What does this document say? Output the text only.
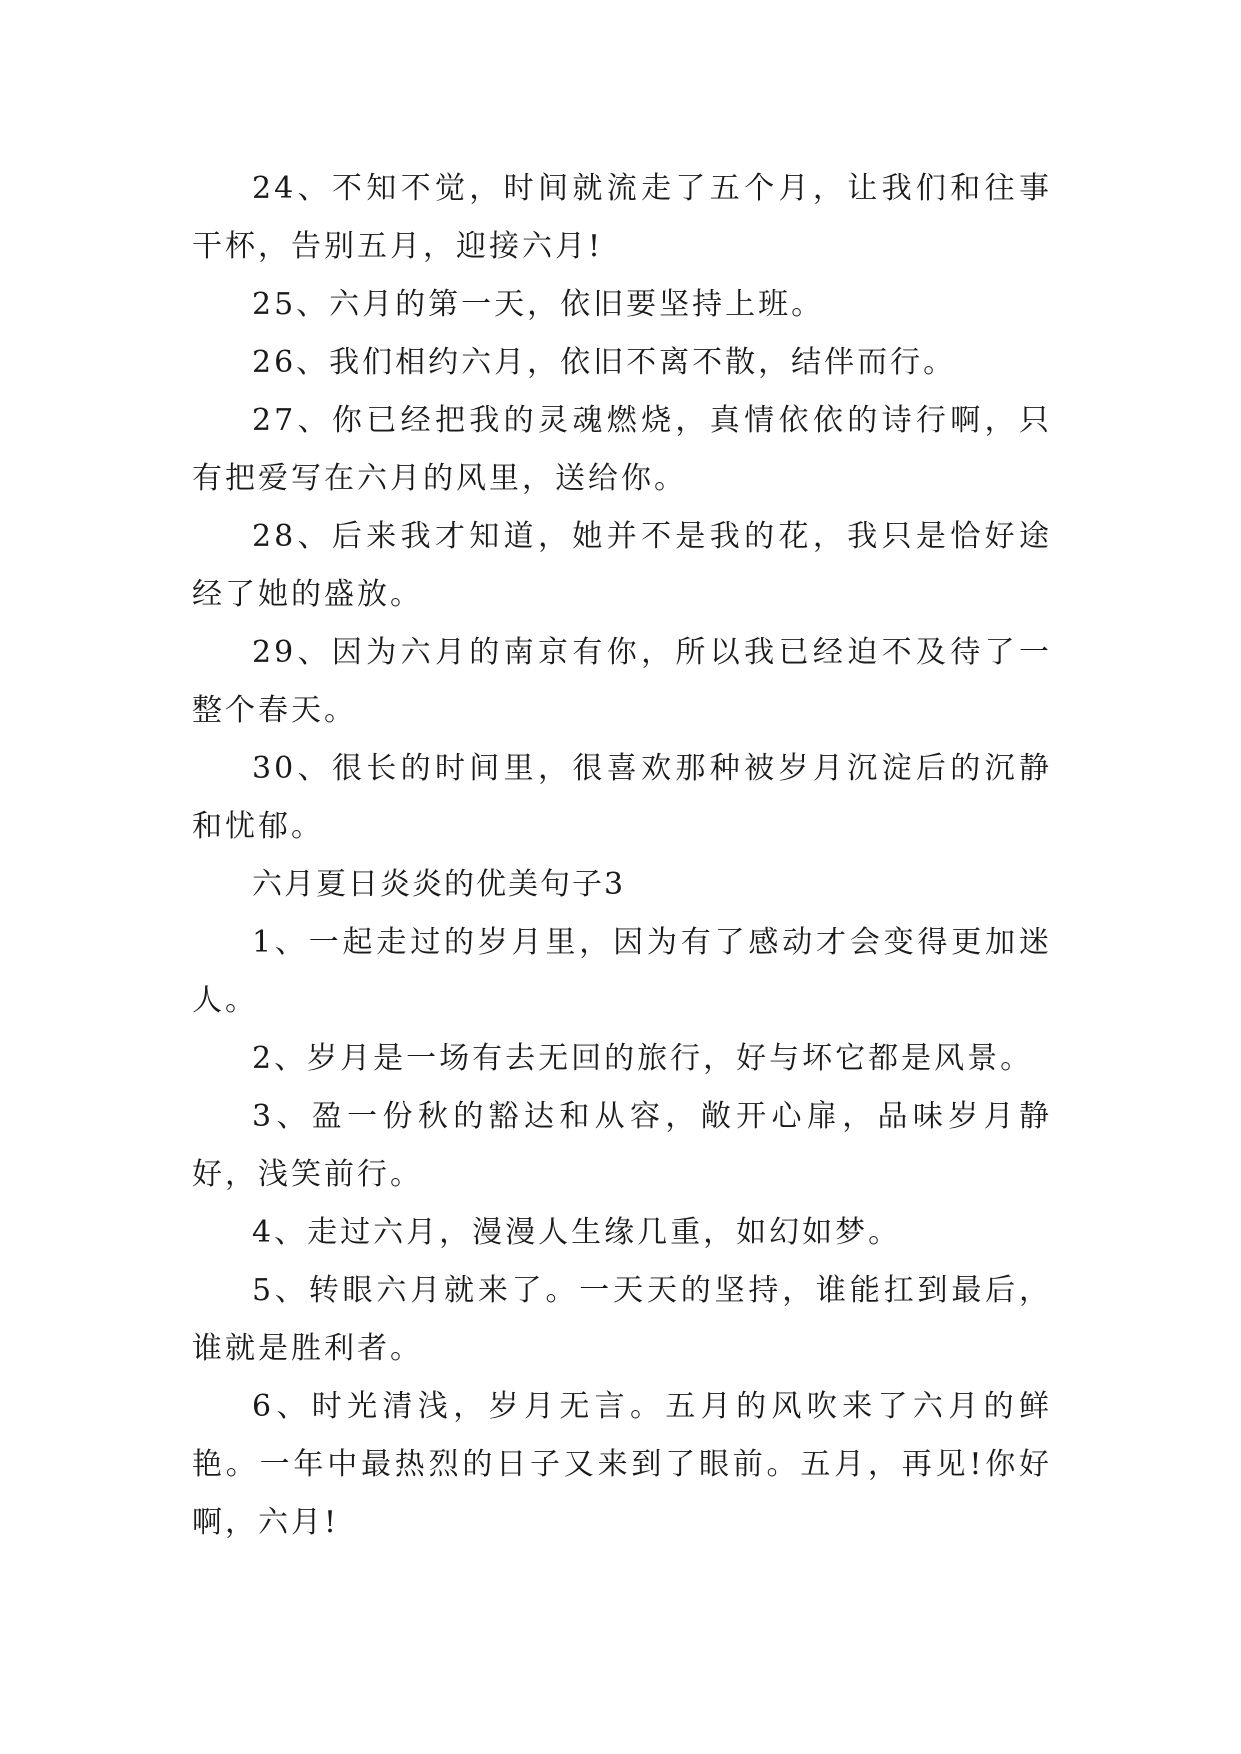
24、不知不觉，时间就流走了五个月，让我们和往事干杯，告别五月，迎接六月!

25、六月的第一天，依旧要坚持上班。

26、我们相约六月，依旧不离不散，结伴而行。

27、你已经把我的灵魂燃烧，真情依依的诗行啊，只有把爱写在六月的风里，送给你。

28、后来我才知道，她并不是我的花，我只是恰好途经了她的盛放。

29、因为六月的南京有你，所以我已经迫不及待了一整个春天。

30、很长的时间里，很喜欢那种被岁月沉淀后的沉静和忧郁。

六月夏日炎炎的优美句子3

1、一起走过的岁月里，因为有了感动才会变得更加迷人。

2、岁月是一场有去无回的旅行，好与坏它都是风景。

3、盈一份秋的豁达和从容，敞开心扉，品味岁月静好，浅笑前行。

4、走过六月，漫漫人生缘几重，如幻如梦。

5、转眼六月就来了。一天天的坚持，谁能扛到最后，谁就是胜利者。

6、时光清浅，岁月无言。五月的风吹来了六月的鲜艳。一年中最热烈的日子又来到了眼前。五月，再见!你好啊，六月!
